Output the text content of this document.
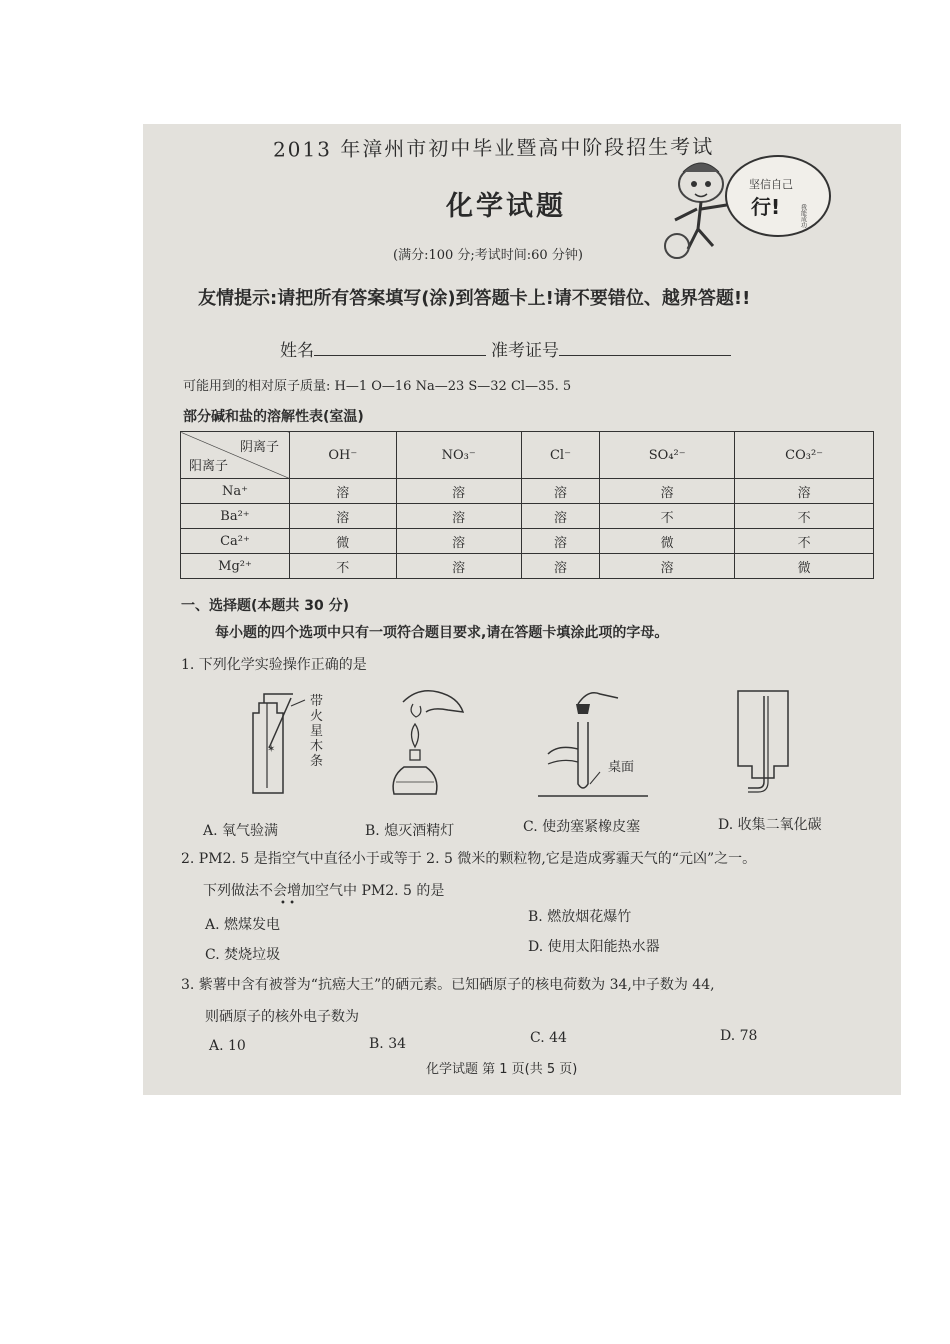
2013 年漳州市初中毕业暨高中阶段招生考试
化学试题
坚信自己
行!	我能成功
(满分:100 分;考试时间:60 分钟)
友情提示:请把所有答案填写(涂)到答题卡上!请不要错位、越界答题!!
姓名	准考证号
可能用到的相对原子质量: H—1 O—16 Na—23 S—32 Cl—35. 5
部分碱和盐的溶解性表(室温)
阴离子
阳离子	OH⁻	NO₃⁻	Cl⁻	SO₄²⁻	CO₃²⁻
Na⁺	溶	溶	溶	溶	溶
Ba²⁺	溶	溶	溶	不	不
Ca²⁺	微	溶	溶	微	不
Mg²⁺	不	溶	溶	溶	微
一、选择题(本题共 30 分)
每小题的四个选项中只有一项符合题目要求,请在答题卡填涂此项的字母。
1. 下列化学实验操作正确的是
✶
带火星木条	桌面
A. 氧气验满	B. 熄灭酒精灯	C. 使劲塞紧橡皮塞	D. 收集二氧化碳
2. PM2. 5 是指空气中直径小于或等于 2. 5 微米的颗粒物,它是造成雾霾天气的“元凶”之一。
下列做法不会增加空气中 PM2. 5 的是
• •
A. 燃煤发电	B. 燃放烟花爆竹
C. 焚烧垃圾	D. 使用太阳能热水器
3. 紫薯中含有被誉为“抗癌大王”的硒元素。已知硒原子的核电荷数为 34,中子数为 44,
则硒原子的核外电子数为
A. 10	B. 34	C. 44	D. 78
化学试题 第 1 页(共 5 页)
